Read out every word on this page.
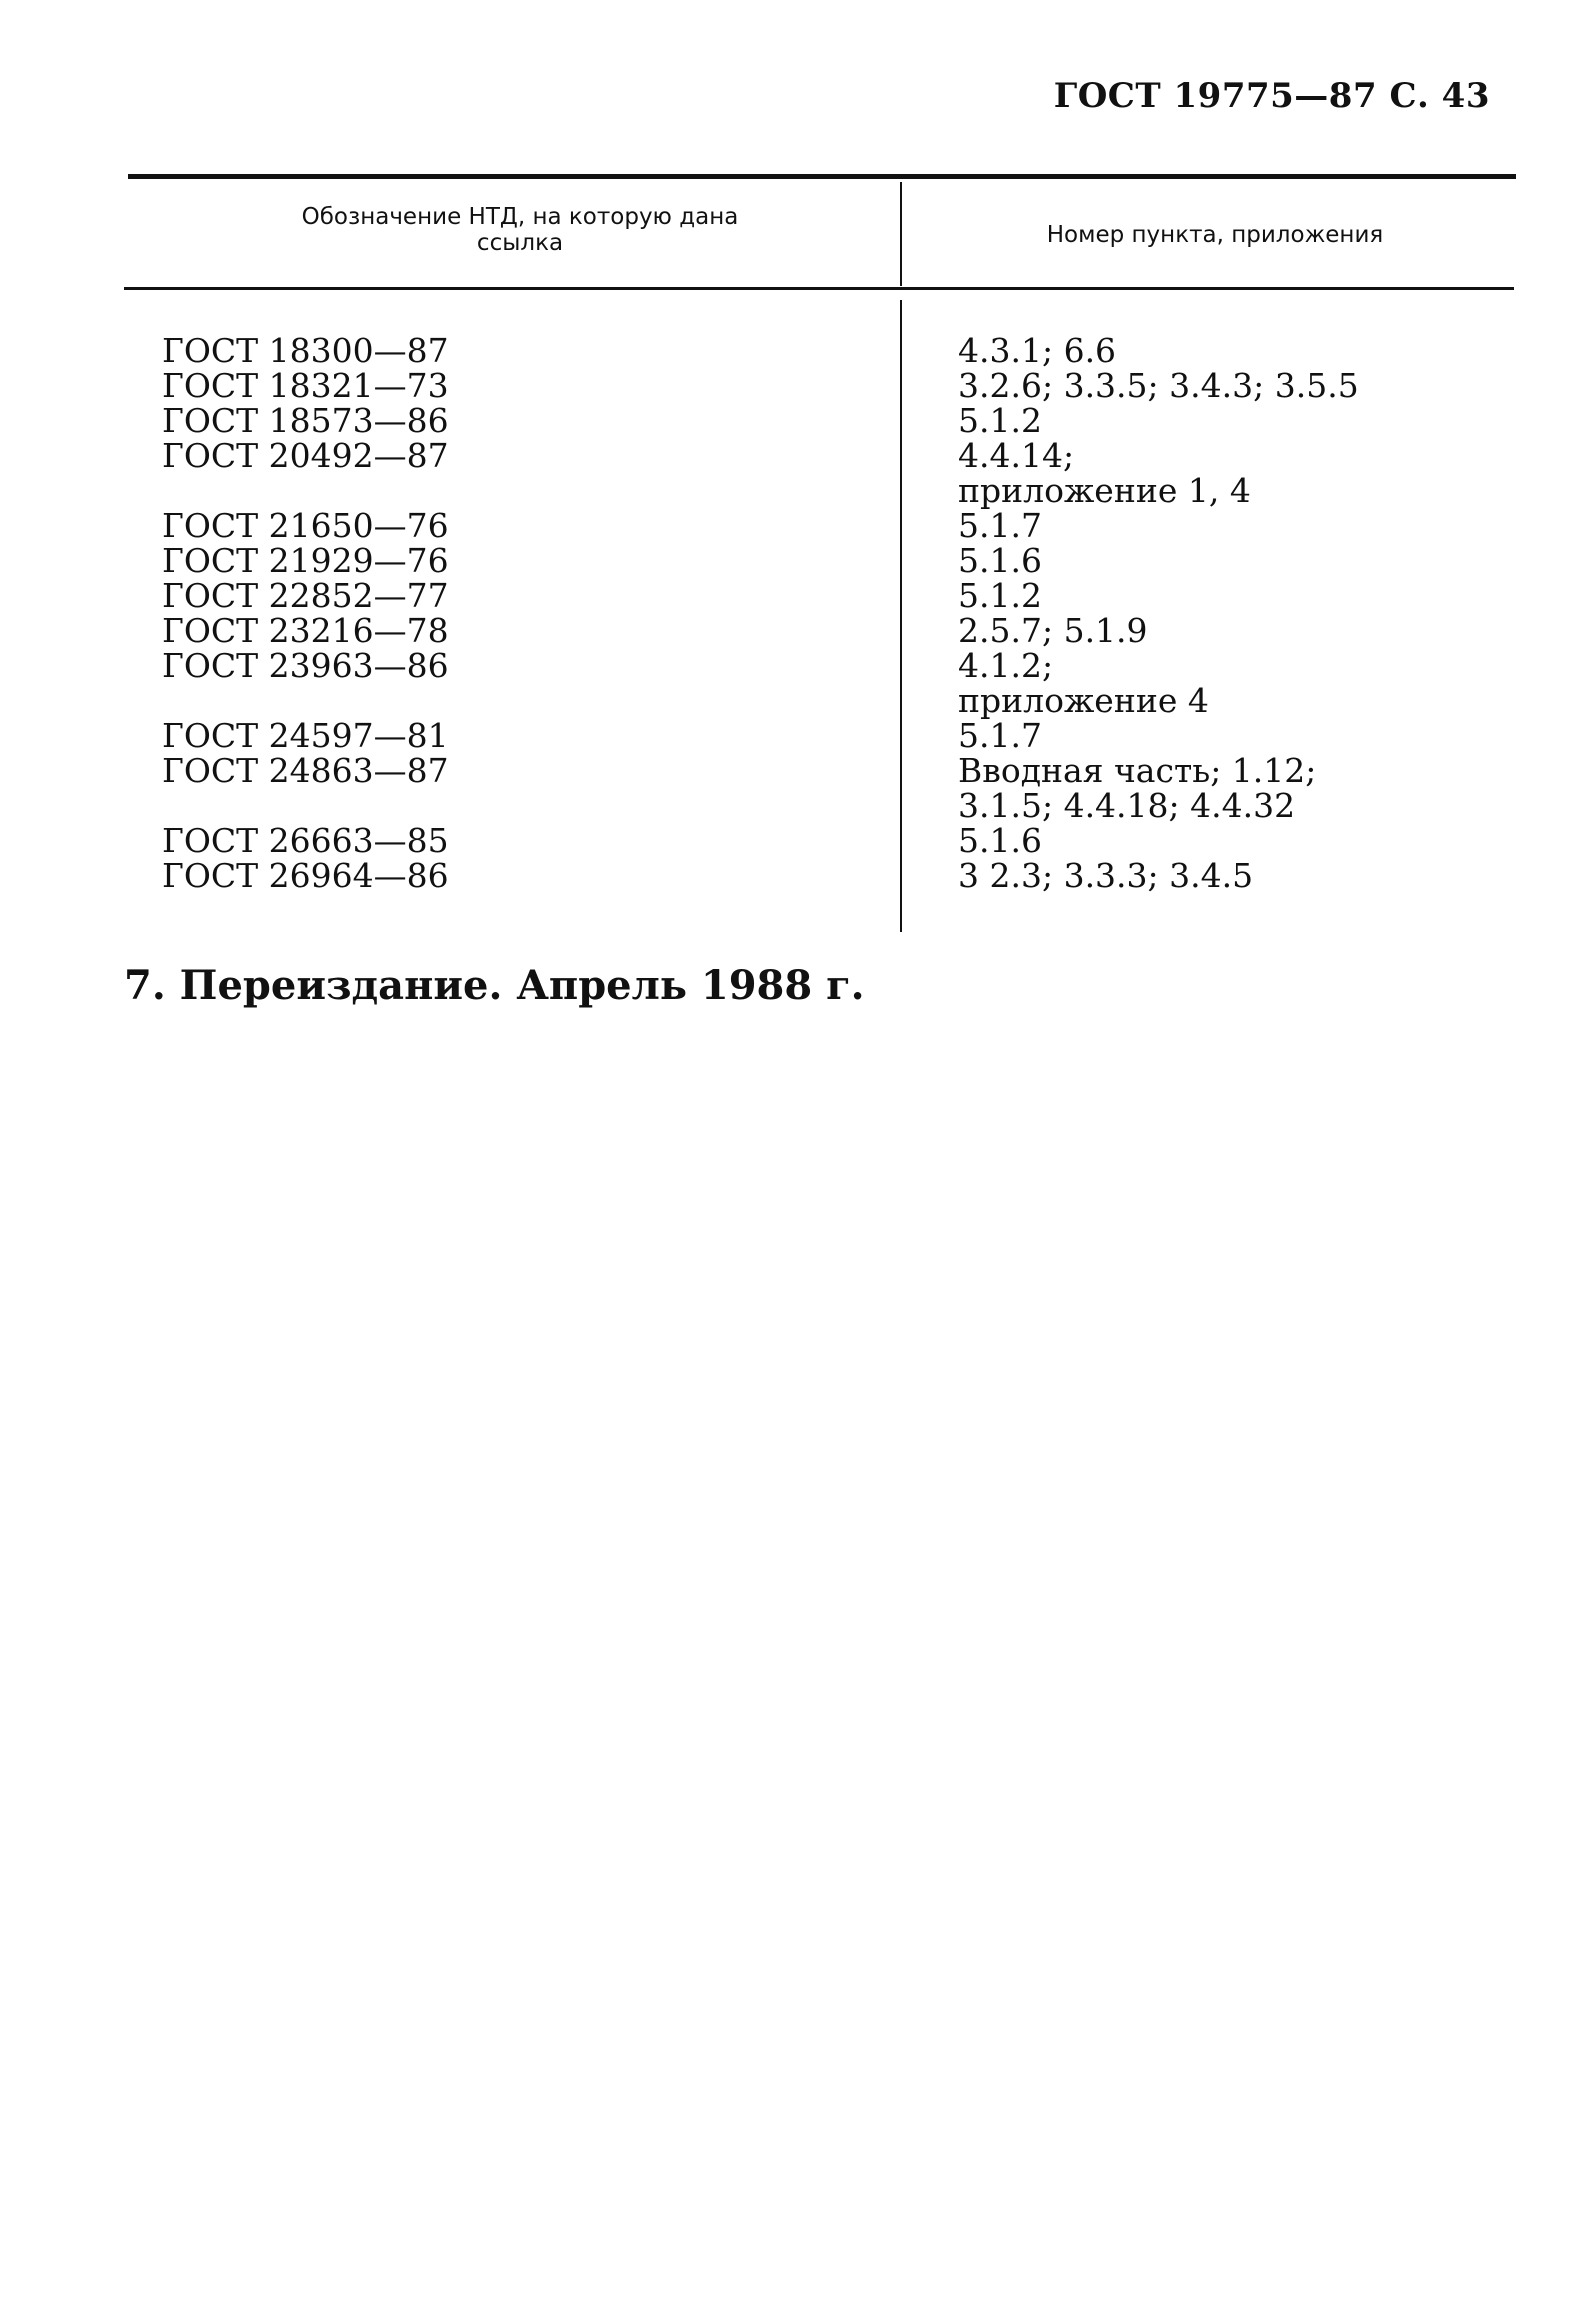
ГОСТ 19775—87 С. 43
Обозначение НТД, на которую дана
ссылка	Номер пункта, приложения
ГОСТ 18300—87	4.3.1; 6.6
ГОСТ 18321—73	3.2.6; 3.3.5; 3.4.3; 3.5.5
ГОСТ 18573—86	5.1.2
ГОСТ 20492—87	4.4.14;
приложение 1, 4
ГОСТ 21650—76	5.1.7
ГОСТ 21929—76	5.1.6
ГОСТ 22852—77	5.1.2
ГОСТ 23216—78	2.5.7; 5.1.9
ГОСТ 23963—86	4.1.2;
приложение 4
ГОСТ 24597—81	5.1.7
ГОСТ 24863—87	Вводная часть; 1.12;
3.1.5; 4.4.18; 4.4.32
ГОСТ 26663—85	5.1.6
ГОСТ 26964—86	3 2.3; 3.3.3; 3.4.5
7. Переиздание. Апрель 1988 г.
